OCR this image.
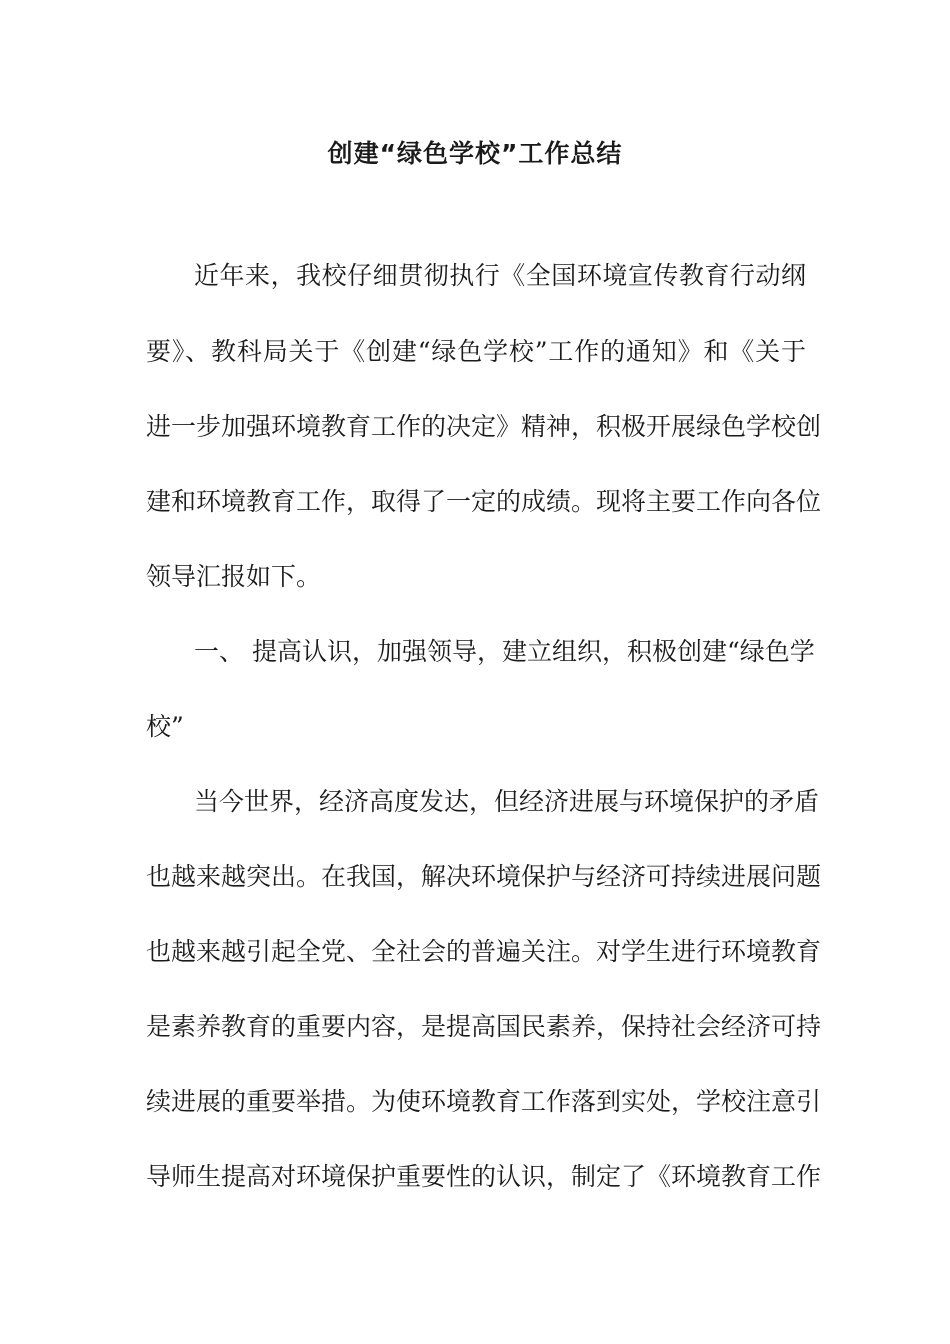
创建“绿色学校”工作总结
近年来，我校仔细贯彻执行《全国环境宣传教育行动纲
要》、教科局关于《创建“绿色学校”工作的通知》和《关于
进一步加强环境教育工作的决定》精神，积极开展绿色学校创
建和环境教育工作，取得了一定的成绩。现将主要工作向各位
领导汇报如下。
一、 提高认识，加强领导，建立组织，积极创建“绿色学
校”
当今世界，经济高度发达，但经济进展与环境保护的矛盾
也越来越突出。在我国，解决环境保护与经济可持续进展问题
也越来越引起全党、全社会的普遍关注。对学生进行环境教育
是素养教育的重要内容，是提高国民素养，保持社会经济可持
续进展的重要举措。为使环境教育工作落到实处，学校注意引
导师生提高对环境保护重要性的认识，制定了《环境教育工作
